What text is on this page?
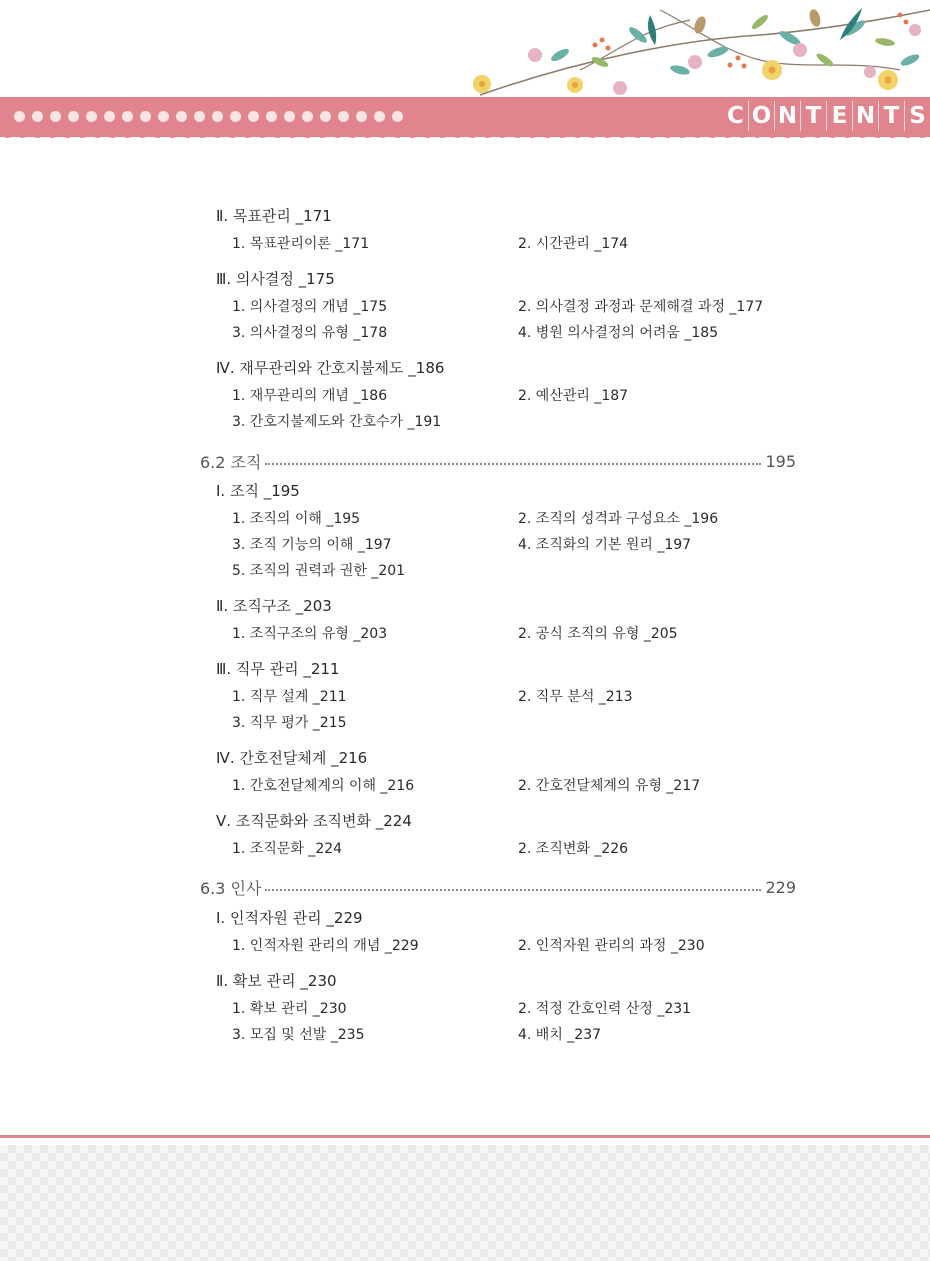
C O N T E N T S
Ⅱ. 목표관리 _171
1. 목표관리이론 _171	2. 시간관리 _174
Ⅲ. 의사결정 _175
1. 의사결정의 개념 _175	2. 의사결정 과정과 문제해결 과정 _177
3. 의사결정의 유형 _178	4. 병원 의사결정의 어려움 _185
Ⅳ. 재무관리와 간호지불제도 _186
1. 재무관리의 개념 _186	2. 예산관리 _187
3. 간호지불제도와 간호수가 _191
6.2 조직	195
Ⅰ. 조직 _195
1. 조직의 이해 _195	2. 조직의 성격과 구성요소 _196
3. 조직 기능의 이해 _197	4. 조직화의 기본 원리 _197
5. 조직의 권력과 권한 _201
Ⅱ. 조직구조 _203
1. 조직구조의 유형 _203	2. 공식 조직의 유형 _205
Ⅲ. 직무 관리 _211
1. 직무 설계 _211	2. 직무 분석 _213
3. 직무 평가 _215
Ⅳ. 간호전달체계 _216
1. 간호전달체계의 이해 _216	2. 간호전달체계의 유형 _217
Ⅴ. 조직문화와 조직변화 _224
1. 조직문화 _224	2. 조직변화 _226
6.3 인사	229
Ⅰ. 인적자원 관리 _229
1. 인적자원 관리의 개념 _229	2. 인적자원 관리의 과정 _230
Ⅱ. 확보 관리 _230
1. 확보 관리 _230	2. 적정 간호인력 산정 _231
3. 모집 및 선발 _235	4. 배치 _237
